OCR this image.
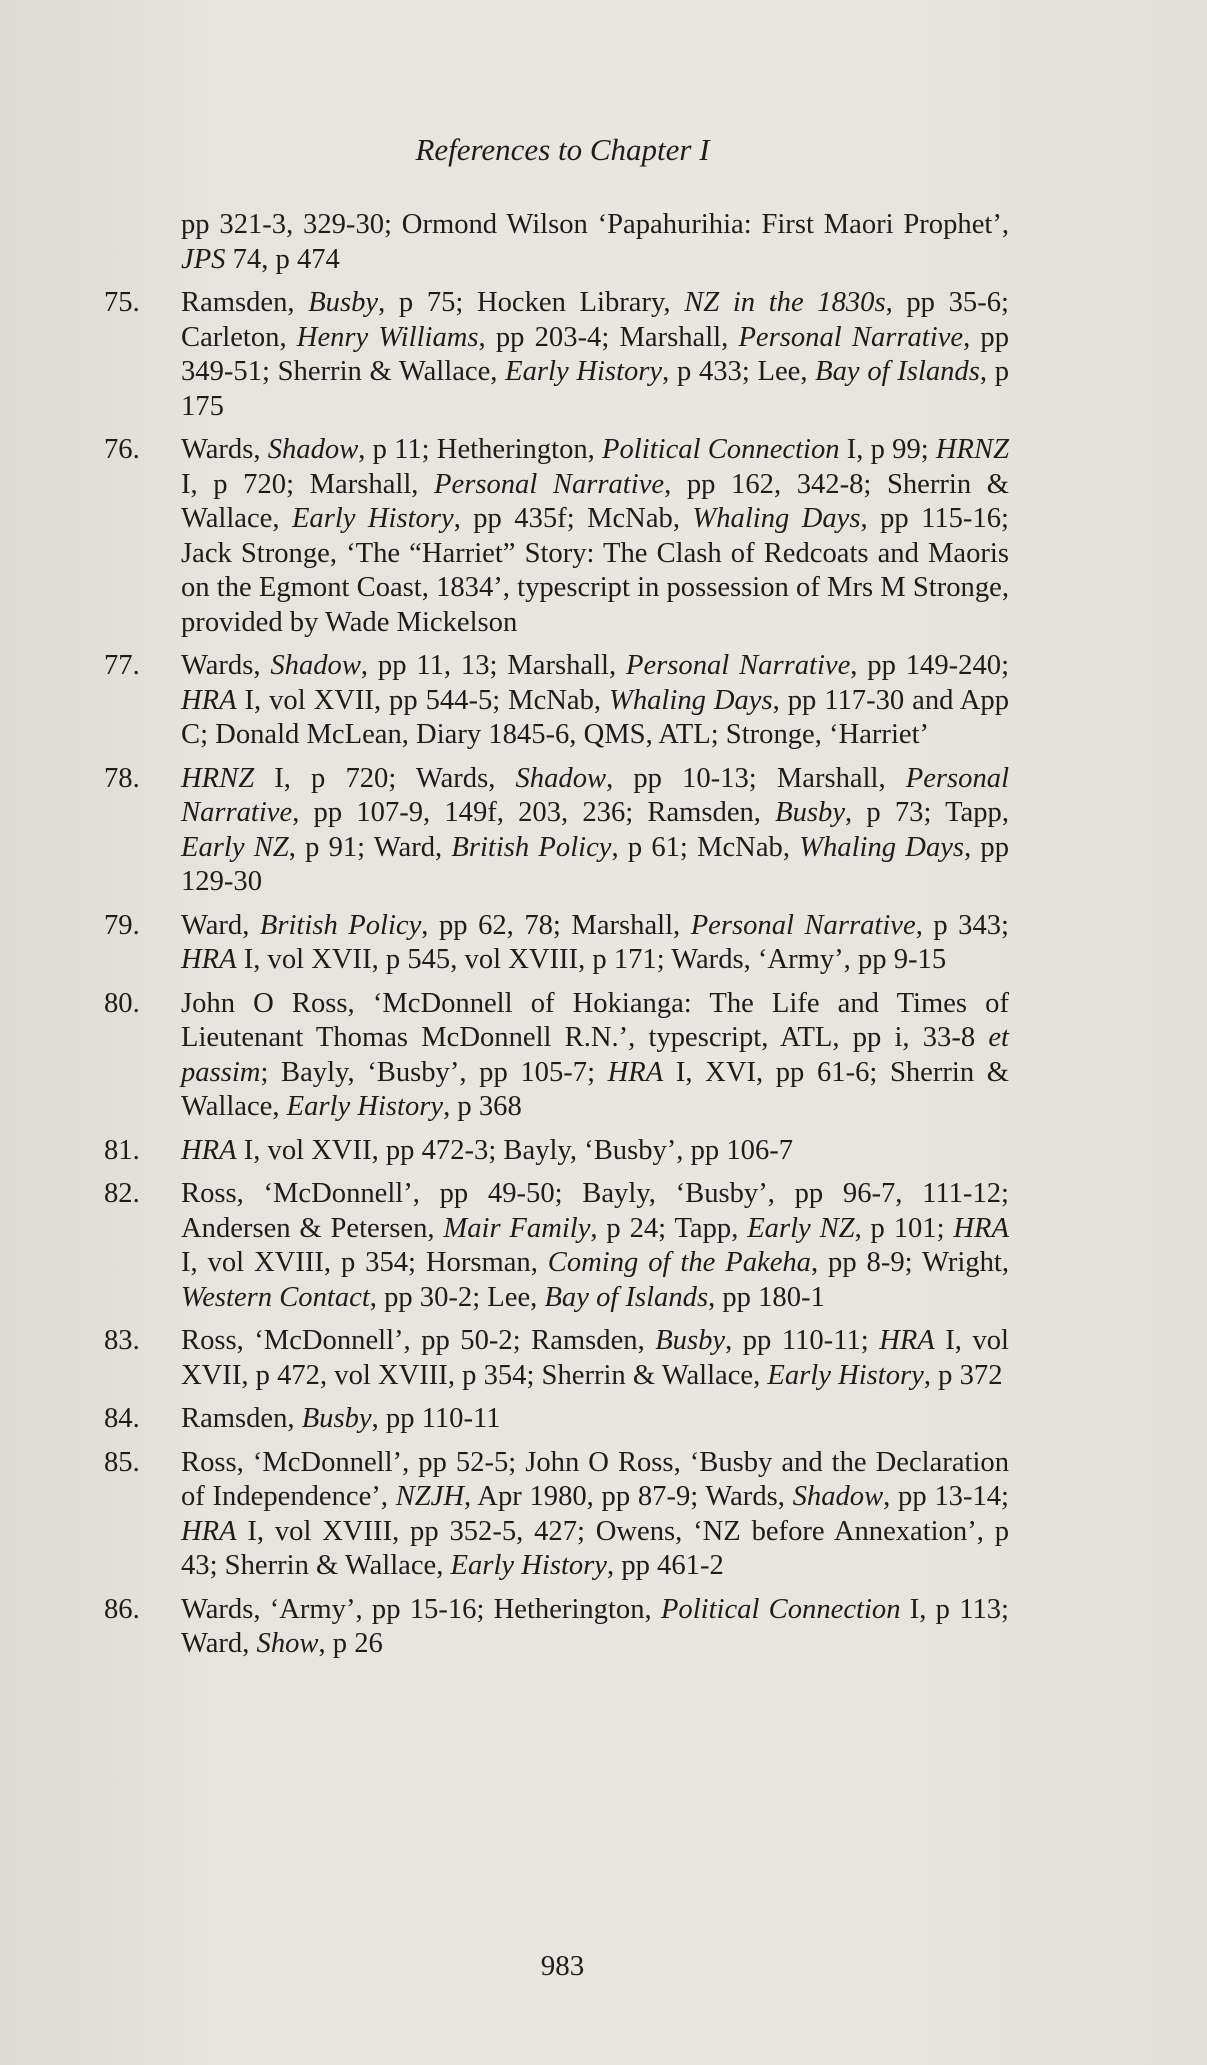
References to Chapter I
pp 321-3, 329-30; Ormond Wilson ‘Papahurihia: First Maori Prophet’, JPS 74, p 474
75.	Ramsden, Busby, p 75; Hocken Library, NZ in the 1830s, pp 35-6; Carleton, Henry Williams, pp 203-4; Marshall, Personal Narrative, pp 349-51; Sherrin & Wallace, Early History, p 433; Lee, Bay of Islands, p 175
76.	Wards, Shadow, p 11; Hetherington, Political Connection I, p 99; HRNZ I, p 720; Marshall, Personal Narrative, pp 162, 342-8; Sherrin & Wallace, Early History, pp 435f; McNab, Whaling Days, pp 115-16; Jack Stronge, ‘The “Harriet” Story: The Clash of Redcoats and Maoris on the Egmont Coast, 1834’, typescript in possession of Mrs M Stronge, provided by Wade Mickelson
77.	Wards, Shadow, pp 11, 13; Marshall, Personal Narrative, pp 149-240; HRA I, vol XVII, pp 544-5; McNab, Whaling Days, pp 117-30 and App C; Donald McLean, Diary 1845-6, QMS, ATL; Stronge, ‘Harriet’
78.	HRNZ I, p 720; Wards, Shadow, pp 10-13; Marshall, Personal Narrative, pp 107-9, 149f, 203, 236; Ramsden, Busby, p 73; Tapp, Early NZ, p 91; Ward, British Policy, p 61; McNab, Whaling Days, pp 129-30
79.	Ward, British Policy, pp 62, 78; Marshall, Personal Narrative, p 343; HRA I, vol XVII, p 545, vol XVIII, p 171; Wards, ‘Army’, pp 9-15
80.	John O Ross, ‘McDonnell of Hokianga: The Life and Times of Lieutenant Thomas McDonnell R.N.’, typescript, ATL, pp i, 33-8 et passim; Bayly, ‘Busby’, pp 105-7; HRA I, XVI, pp 61-6; Sherrin & Wallace, Early History, p 368
81.	HRA I, vol XVII, pp 472-3; Bayly, ‘Busby’, pp 106-7
82.	Ross, ‘McDonnell’, pp 49-50; Bayly, ‘Busby’, pp 96-7, 111-12; Andersen & Petersen, Mair Family, p 24; Tapp, Early NZ, p 101; HRA I, vol XVIII, p 354; Horsman, Coming of the Pakeha, pp 8-9; Wright, Western Contact, pp 30-2; Lee, Bay of Islands, pp 180-1
83.	Ross, ‘McDonnell’, pp 50-2; Ramsden, Busby, pp 110-11; HRA I, vol XVII, p 472, vol XVIII, p 354; Sherrin & Wallace, Early History, p 372
84.	Ramsden, Busby, pp 110-11
85.	Ross, ‘McDonnell’, pp 52-5; John O Ross, ‘Busby and the Declaration of Independence’, NZJH, Apr 1980, pp 87-9; Wards, Shadow, pp 13-14; HRA I, vol XVIII, pp 352-5, 427; Owens, ‘NZ before Annexation’, p 43; Sherrin & Wallace, Early History, pp 461-2
86.	Wards, ‘Army’, pp 15-16; Hetherington, Political Connection I, p 113; Ward, Show, p 26
983
